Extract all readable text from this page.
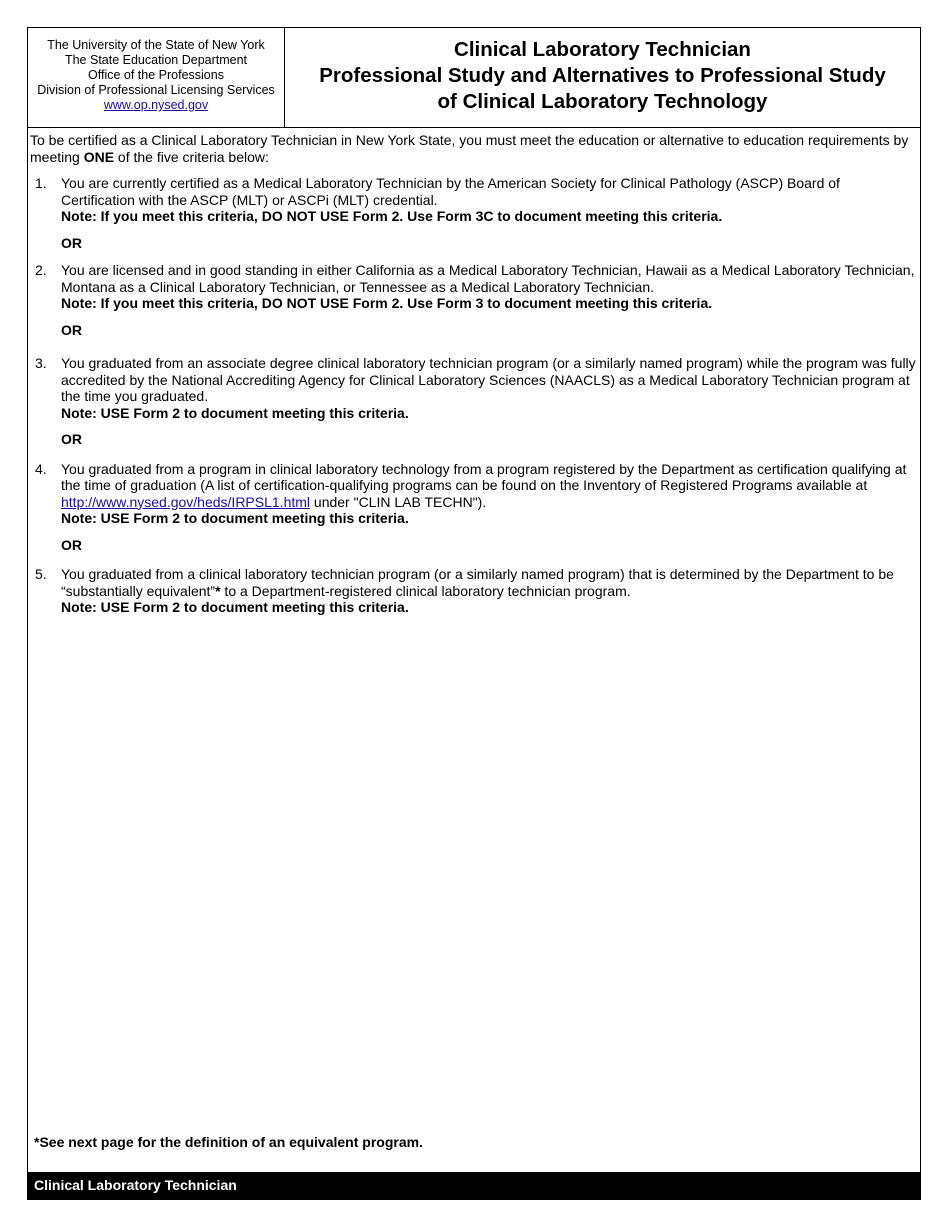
The University of the State of New York
The State Education Department
Office of the Professions
Division of Professional Licensing Services
www.op.nysed.gov
Clinical Laboratory Technician
Professional Study and Alternatives to Professional Study
of Clinical Laboratory Technology

To be certified as a Clinical Laboratory Technician in New York State, you must meet the education or alternative to education requirements by meeting ONE of the five criteria below:

1. You are currently certified as a Medical Laboratory Technician by the American Society for Clinical Pathology (ASCP) Board of Certification with the ASCP (MLT) or ASCPi (MLT) credential.
Note: If you meet this criteria, DO NOT USE Form 2. Use Form 3C to document meeting this criteria.
OR
2. You are licensed and in good standing in either California as a Medical Laboratory Technician, Hawaii as a Medical Laboratory Technician, Montana as a Clinical Laboratory Technician, or Tennessee as a Medical Laboratory Technician.
Note: If you meet this criteria, DO NOT USE Form 2. Use Form 3 to document meeting this criteria.
OR
3. You graduated from an associate degree clinical laboratory technician program (or a similarly named program) while the program was fully accredited by the National Accrediting Agency for Clinical Laboratory Sciences (NAACLS) as a Medical Laboratory Technician program at the time you graduated.
Note: USE Form 2 to document meeting this criteria.
OR
4. You graduated from a program in clinical laboratory technology from a program registered by the Department as certification qualifying at the time of graduation (A list of certification-qualifying programs can be found on the Inventory of Registered Programs available at http://www.nysed.gov/heds/IRPSL1.html under "CLIN LAB TECHN").
Note: USE Form 2 to document meeting this criteria.
OR
5. You graduated from a clinical laboratory technician program (or a similarly named program) that is determined by the Department to be “substantially equivalent”* to a Department-registered clinical laboratory technician program.
Note: USE Form 2 to document meeting this criteria.
*See next page for the definition of an equivalent program.
Clinical Laboratory Technician
